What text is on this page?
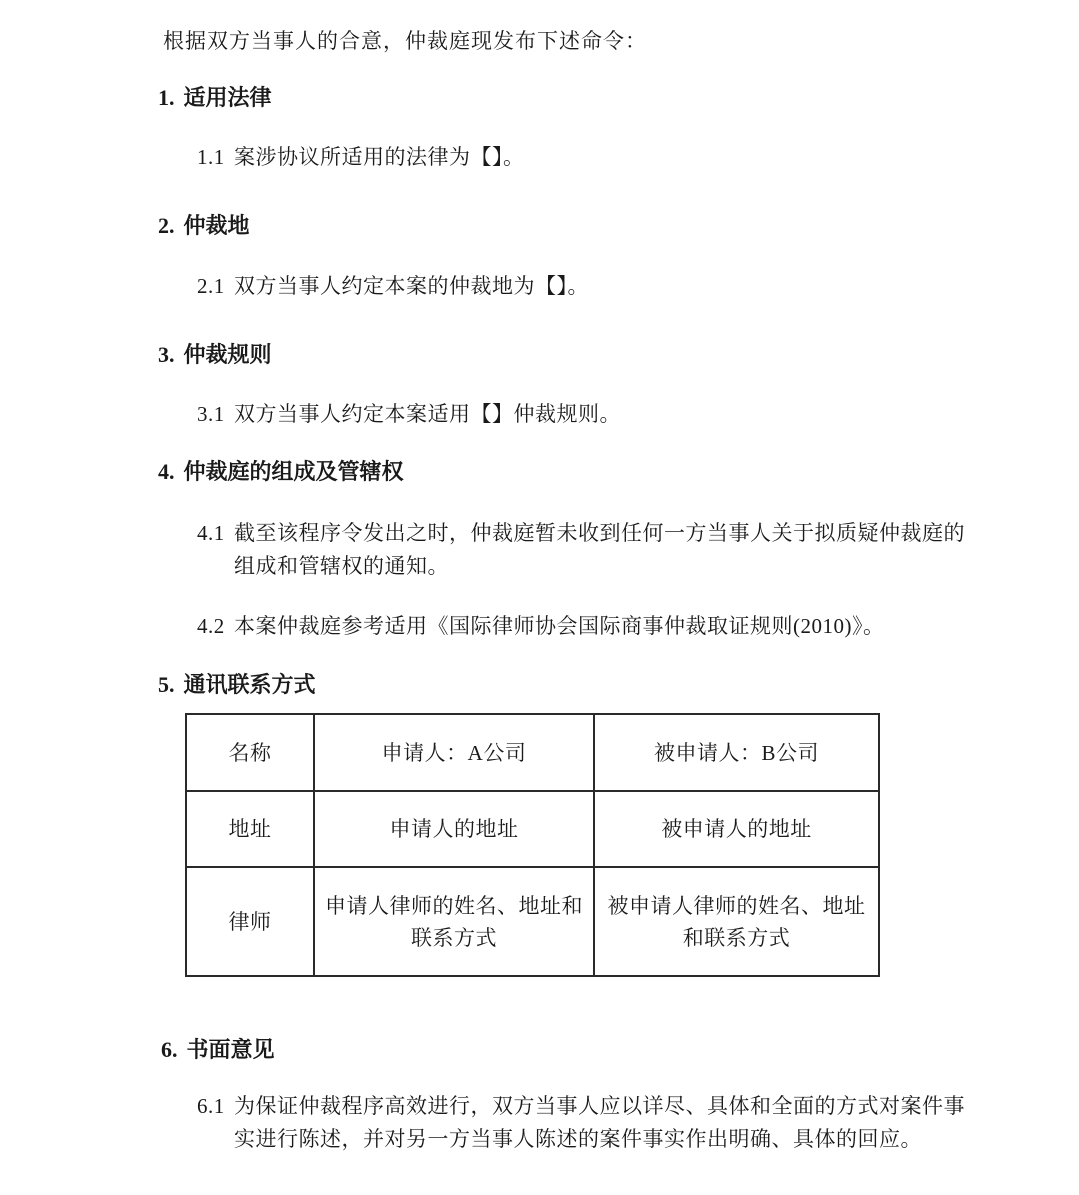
根据双方当事人的合意，仲裁庭现发布下述命令：
1. 适用法律
1.1 案涉协议所适用的法律为【】。
2. 仲裁地
2.1 双方当事人约定本案的仲裁地为【】。
3. 仲裁规则
3.1 双方当事人约定本案适用【】仲裁规则。
4. 仲裁庭的组成及管辖权
4.1 截至该程序令发出之时，仲裁庭暂未收到任何一方当事人关于拟质疑仲裁庭的组成和管辖权的通知。
4.2 本案仲裁庭参考适用《国际律师协会国际商事仲裁取证规则(2010)》。
5. 通讯联系方式
名称	申请人：A公司	被申请人：B公司
地址	申请人的地址	被申请人的地址
律师	申请人律师的姓名、地址和联系方式	被申请人律师的姓名、地址和联系方式
6. 书面意见
6.1 为保证仲裁程序高效进行，双方当事人应以详尽、具体和全面的方式对案件事实进行陈述，并对另一方当事人陈述的案件事实作出明确、具体的回应。
